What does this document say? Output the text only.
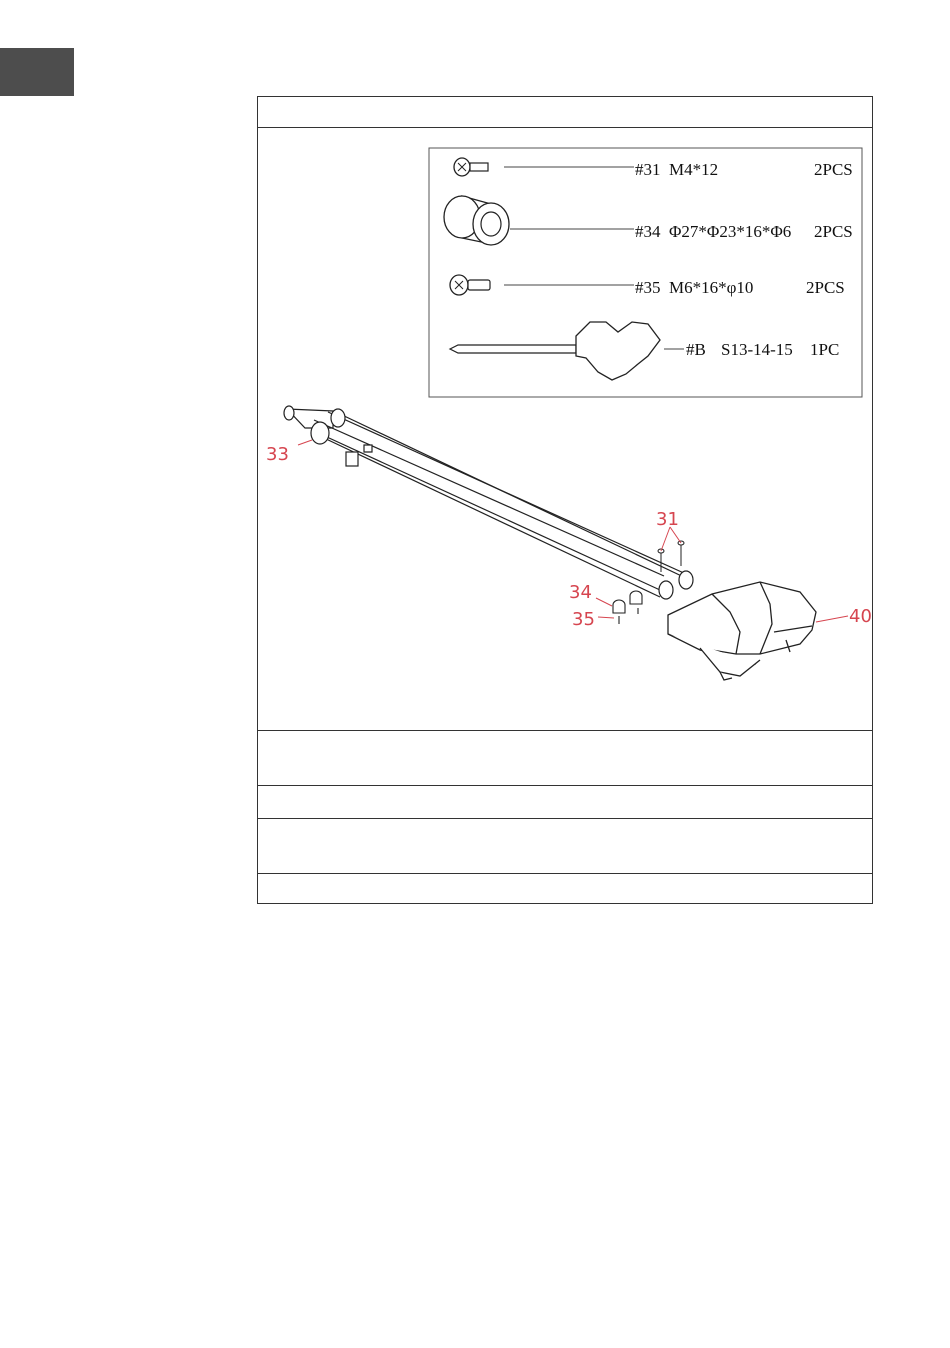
#31 M4*12	2PCS
#34 Φ27*Φ23*16*Φ6 2PCS
#35 M6*16*φ10	2PCS
#B S13-14-15 1PC
33
31
34
35	40
